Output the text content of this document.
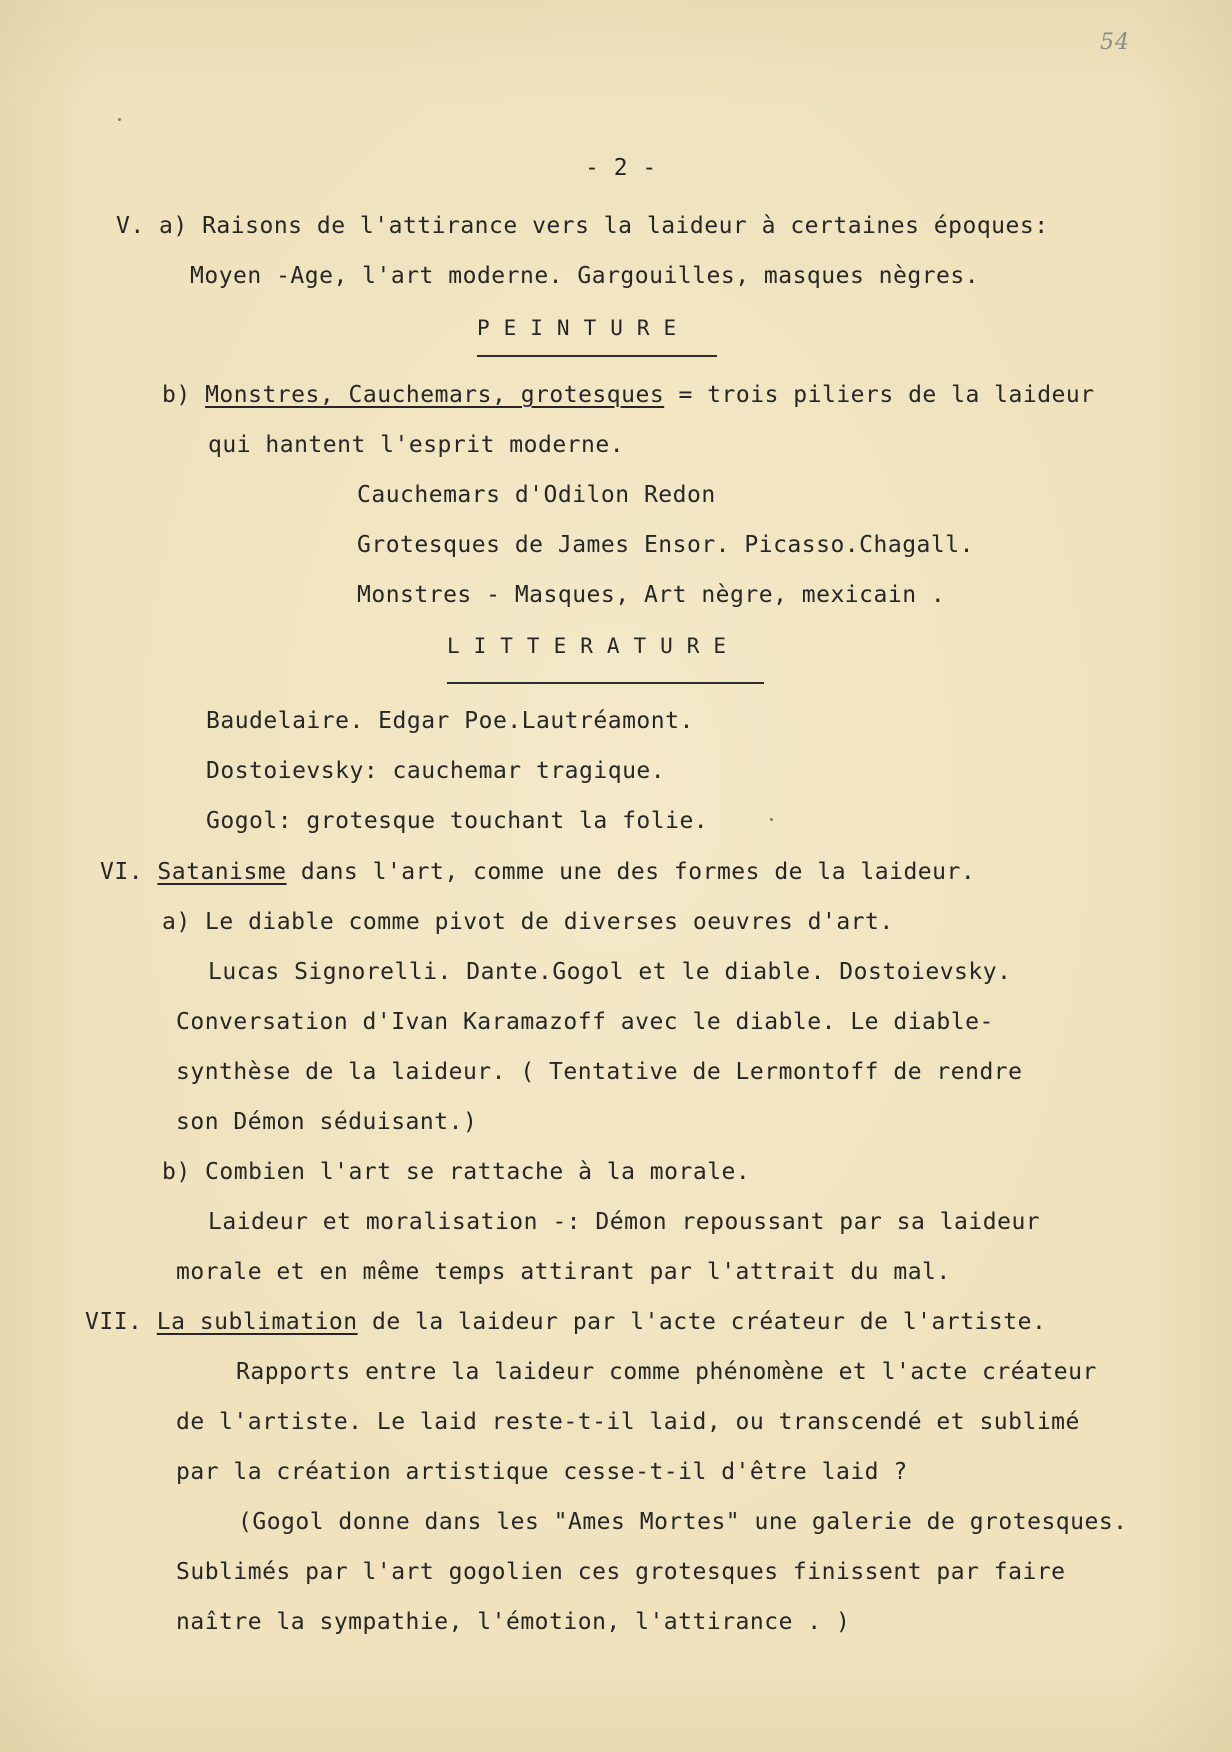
54
- 2 -
V. a) Raisons de l'attirance vers la laideur à certaines époques:
Moyen -Age, l'art moderne. Gargouilles, masques nègres.
PEINTURE
b) Monstres, Cauchemars, grotesques = trois piliers de la laideur
qui hantent l'esprit moderne.
Cauchemars d'Odilon Redon
Grotesques de James Ensor. Picasso.Chagall.
Monstres - Masques, Art nègre, mexicain .
LITTERATURE
Baudelaire. Edgar Poe.Lautréamont.
Dostoievsky: cauchemar tragique.
Gogol: grotesque touchant la folie.
VI. Satanisme dans l'art, comme une des formes de la laideur.
a) Le diable comme pivot de diverses oeuvres d'art.
Lucas Signorelli. Dante.Gogol et le diable. Dostoievsky.
Conversation d'Ivan Karamazoff avec le diable. Le diable-
synthèse de la laideur. ( Tentative de Lermontoff de rendre
son Démon séduisant.)
b) Combien l'art se rattache à la morale.
Laideur et moralisation -: Démon repoussant par sa laideur
morale et en même temps attirant par l'attrait du mal.
VII. La sublimation de la laideur par l'acte créateur de l'artiste.
Rapports entre la laideur comme phénomène et l'acte créateur
de l'artiste. Le laid reste-t-il laid, ou transcendé et sublimé
par la création artistique cesse-t-il d'être laid ?
(Gogol donne dans les "Ames Mortes" une galerie de grotesques.
Sublimés par l'art gogolien ces grotesques finissent par faire
naître la sympathie, l'émotion, l'attirance . )
